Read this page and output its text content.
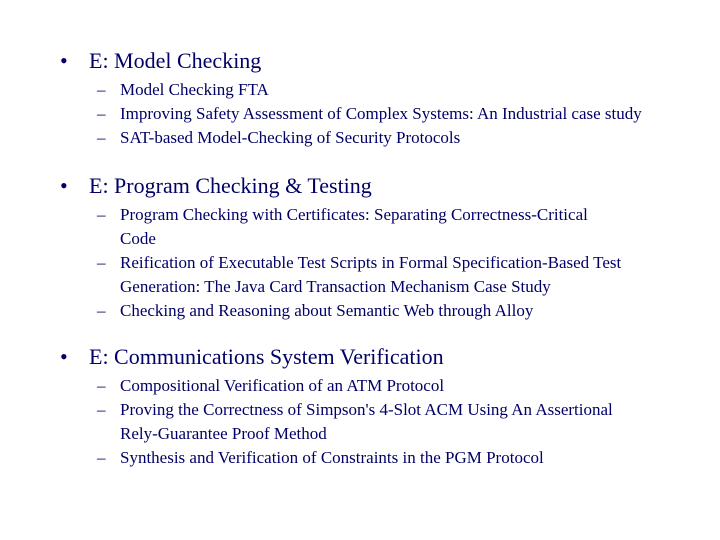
• E: Model Checking
– Model Checking FTA
– Improving Safety Assessment of Complex Systems: An Industrial case study
– SAT-based Model-Checking of Security Protocols
• E: Program Checking & Testing
– Program Checking with Certificates: Separating Correctness-Critical Code
– Reification of Executable Test Scripts in Formal Specification-Based Test Generation: The Java Card Transaction Mechanism Case Study
– Checking and Reasoning about Semantic Web through Alloy
• E: Communications System Verification
– Compositional Verification of an ATM Protocol
– Proving the Correctness of Simpson's 4-Slot ACM Using An Assertional Rely-Guarantee Proof Method
– Synthesis and Verification of Constraints in the PGM Protocol
